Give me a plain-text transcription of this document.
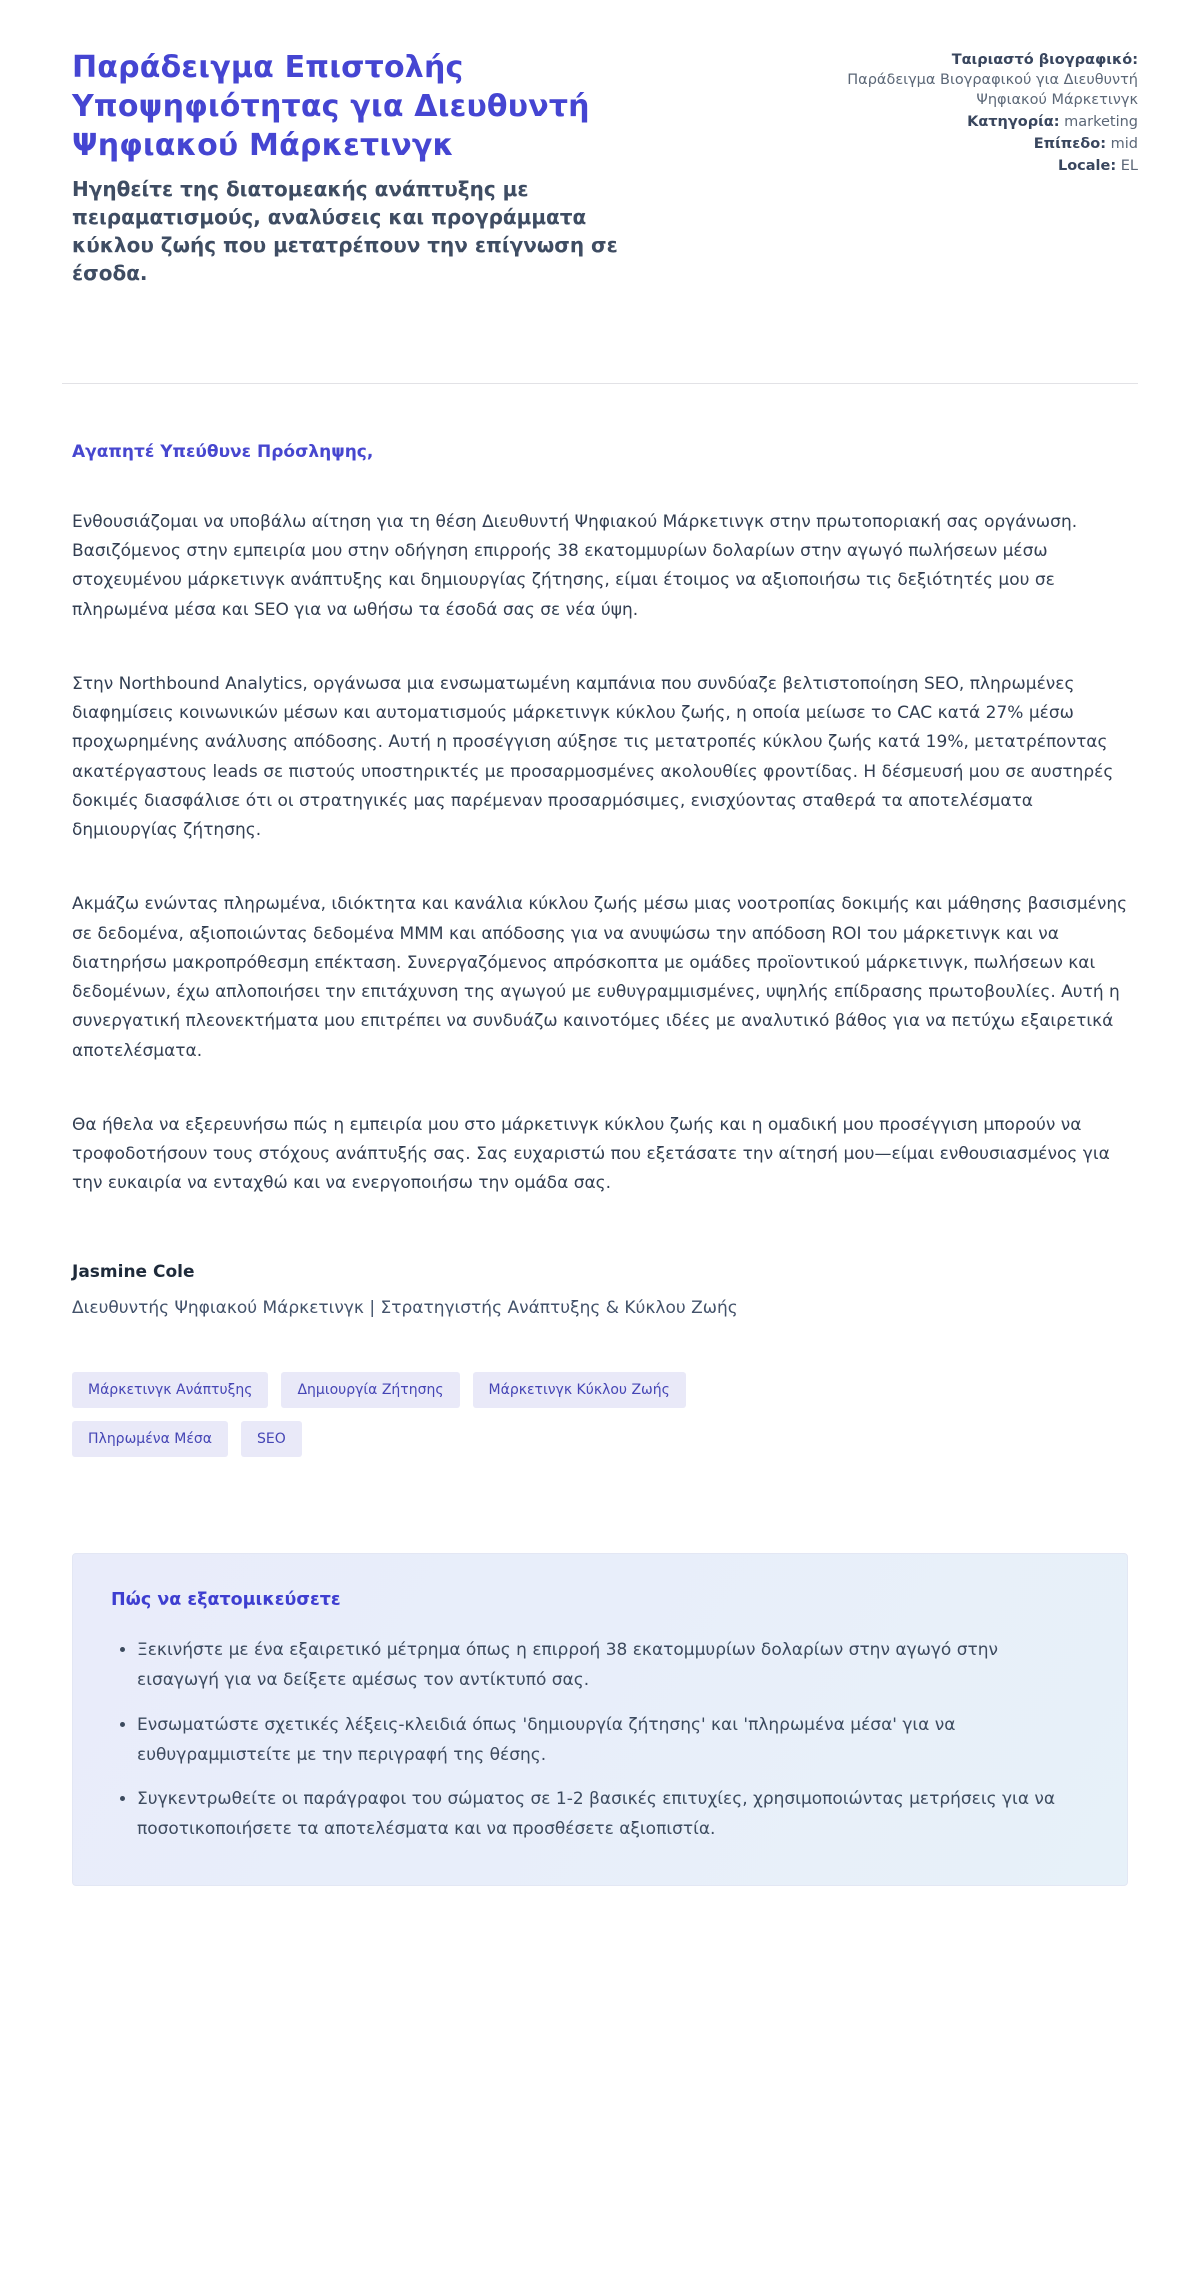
Παράδειγμα Επιστολής Υποψηφιότητας για Διευθυντή Ψηφιακού Μάρκετινγκ

Ηγηθείτε της διατομεακής ανάπτυξης με πειραματισμούς, αναλύσεις και προγράμματα κύκλου ζωής που μετατρέπουν την επίγνωση σε έσοδα.

Ταιριαστό βιογραφικό:
Παράδειγμα Βιογραφικού για Διευθυντή Ψηφιακού Μάρκετινγκ
Κατηγορία: marketing
Επίπεδο: mid
Locale: EL

Αγαπητέ Υπεύθυνε Πρόσληψης,

Ενθουσιάζομαι να υποβάλω αίτηση για τη θέση Διευθυντή Ψηφιακού Μάρκετινγκ στην πρωτοποριακή σας οργάνωση. Βασιζόμενος στην εμπειρία μου στην οδήγηση επιρροής 38 εκατομμυρίων δολαρίων στην αγωγό πωλήσεων μέσω στοχευμένου μάρκετινγκ ανάπτυξης και δημιουργίας ζήτησης, είμαι έτοιμος να αξιοποιήσω τις δεξιότητές μου σε πληρωμένα μέσα και SEO για να ωθήσω τα έσοδά σας σε νέα ύψη.

Στην Northbound Analytics, οργάνωσα μια ενσωματωμένη καμπάνια που συνδύαζε βελτιστοποίηση SEO, πληρωμένες διαφημίσεις κοινωνικών μέσων και αυτοματισμούς μάρκετινγκ κύκλου ζωής, η οποία μείωσε το CAC κατά 27% μέσω προχωρημένης ανάλυσης απόδοσης. Αυτή η προσέγγιση αύξησε τις μετατροπές κύκλου ζωής κατά 19%, μετατρέποντας ακατέργαστους leads σε πιστούς υποστηρικτές με προσαρμοσμένες ακολουθίες φροντίδας. Η δέσμευσή μου σε αυστηρές δοκιμές διασφάλισε ότι οι στρατηγικές μας παρέμεναν προσαρμόσιμες, ενισχύοντας σταθερά τα αποτελέσματα δημιουργίας ζήτησης.

Ακμάζω ενώντας πληρωμένα, ιδιόκτητα και κανάλια κύκλου ζωής μέσω μιας νοοτροπίας δοκιμής και μάθησης βασισμένης σε δεδομένα, αξιοποιώντας δεδομένα MMM και απόδοσης για να ανυψώσω την απόδοση ROI του μάρκετινγκ και να διατηρήσω μακροπρόθεσμη επέκταση. Συνεργαζόμενος απρόσκοπτα με ομάδες προϊοντικού μάρκετινγκ, πωλήσεων και δεδομένων, έχω απλοποιήσει την επιτάχυνση της αγωγού με ευθυγραμμισμένες, υψηλής επίδρασης πρωτοβουλίες. Αυτή η συνεργατική πλεονεκτήματα μου επιτρέπει να συνδυάζω καινοτόμες ιδέες με αναλυτικό βάθος για να πετύχω εξαιρετικά αποτελέσματα.

Θα ήθελα να εξερευνήσω πώς η εμπειρία μου στο μάρκετινγκ κύκλου ζωής και η ομαδική μου προσέγγιση μπορούν να τροφοδοτήσουν τους στόχους ανάπτυξής σας. Σας ευχαριστώ που εξετάσατε την αίτησή μου—είμαι ενθουσιασμένος για την ευκαιρία να ενταχθώ και να ενεργοποιήσω την ομάδα σας.

Jasmine Cole

Διευθυντής Ψηφιακού Μάρκετινγκ | Στρατηγιστής Ανάπτυξης & Κύκλου Ζωής

Μάρκετινγκ Ανάπτυξης	Δημιουργία Ζήτησης	Μάρκετινγκ Κύκλου Ζωής
Πληρωμένα Μέσα	SEO
Πώς να εξατομικεύσετε
• Ξεκινήστε με ένα εξαιρετικό μέτρημα όπως η επιρροή 38 εκατομμυρίων δολαρίων στην αγωγό στην εισαγωγή για να δείξετε αμέσως τον αντίκτυπό σας.
• Ενσωματώστε σχετικές λέξεις-κλειδιά όπως 'δημιουργία ζήτησης' και 'πληρωμένα μέσα' για να ευθυγραμμιστείτε με την περιγραφή της θέσης.
• Συγκεντρωθείτε οι παράγραφοι του σώματος σε 1-2 βασικές επιτυχίες, χρησιμοποιώντας μετρήσεις για να ποσοτικοποιήσετε τα αποτελέσματα και να προσθέσετε αξιοπιστία.
